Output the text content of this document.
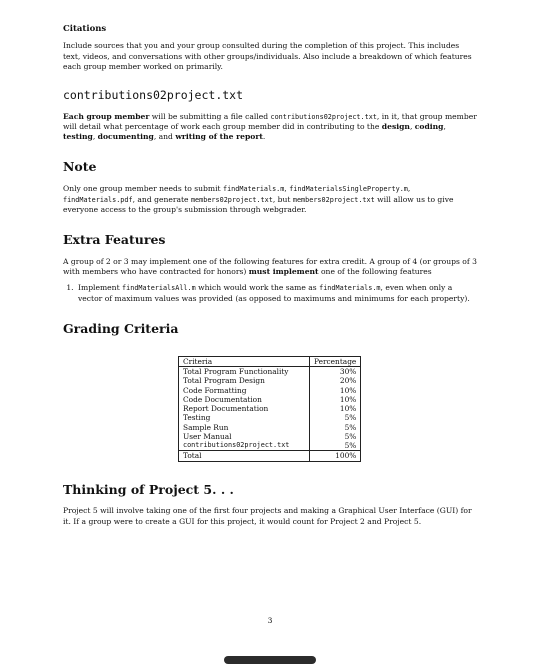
Citations

Include sources that you and your group consulted during the completion of this project. This includes text, videos, and conversations with other groups/individuals. Also include a breakdown of which features each group member worked on primarily.

contributions02project.txt

Each group member will be submitting a file called contributions02project.txt, in it, that group member will detail what percentage of work each group member did in contributing to the design, coding, testing, documenting, and writing of the report.

Note

Only one group member needs to submit findMaterials.m, findMaterialsSingleProperty.m, findMaterials.pdf, and generate members02project.txt, but members02project.txt will allow us to give everyone access to the group's submission through webgrader.

Extra Features

A group of 2 or 3 may implement one of the following features for extra credit. A group of 4 (or groups of 3 with members who have contracted for honors) must implement one of the following features

1. Implement findMaterialsAll.m which would work the same as findMaterials.m, even when only a vector of maximum values was provided (as opposed to maximums and minimums for each property).
Grading Criteria
Criteria	Percentage
Total Program Functionality	30%
Total Program Design	20%
Code Formatting	10%
Code Documentation	10%
Report Documentation	10%
Testing	5%
Sample Run	5%
User Manual	5%
contributions02project.txt	5%
Total	100%
Thinking of Project 5. . .

Project 5 will involve taking one of the first four projects and making a Graphical User Interface (GUI) for it. If a group were to create a GUI for this project, it would count for Project 2 and Project 5.

3
